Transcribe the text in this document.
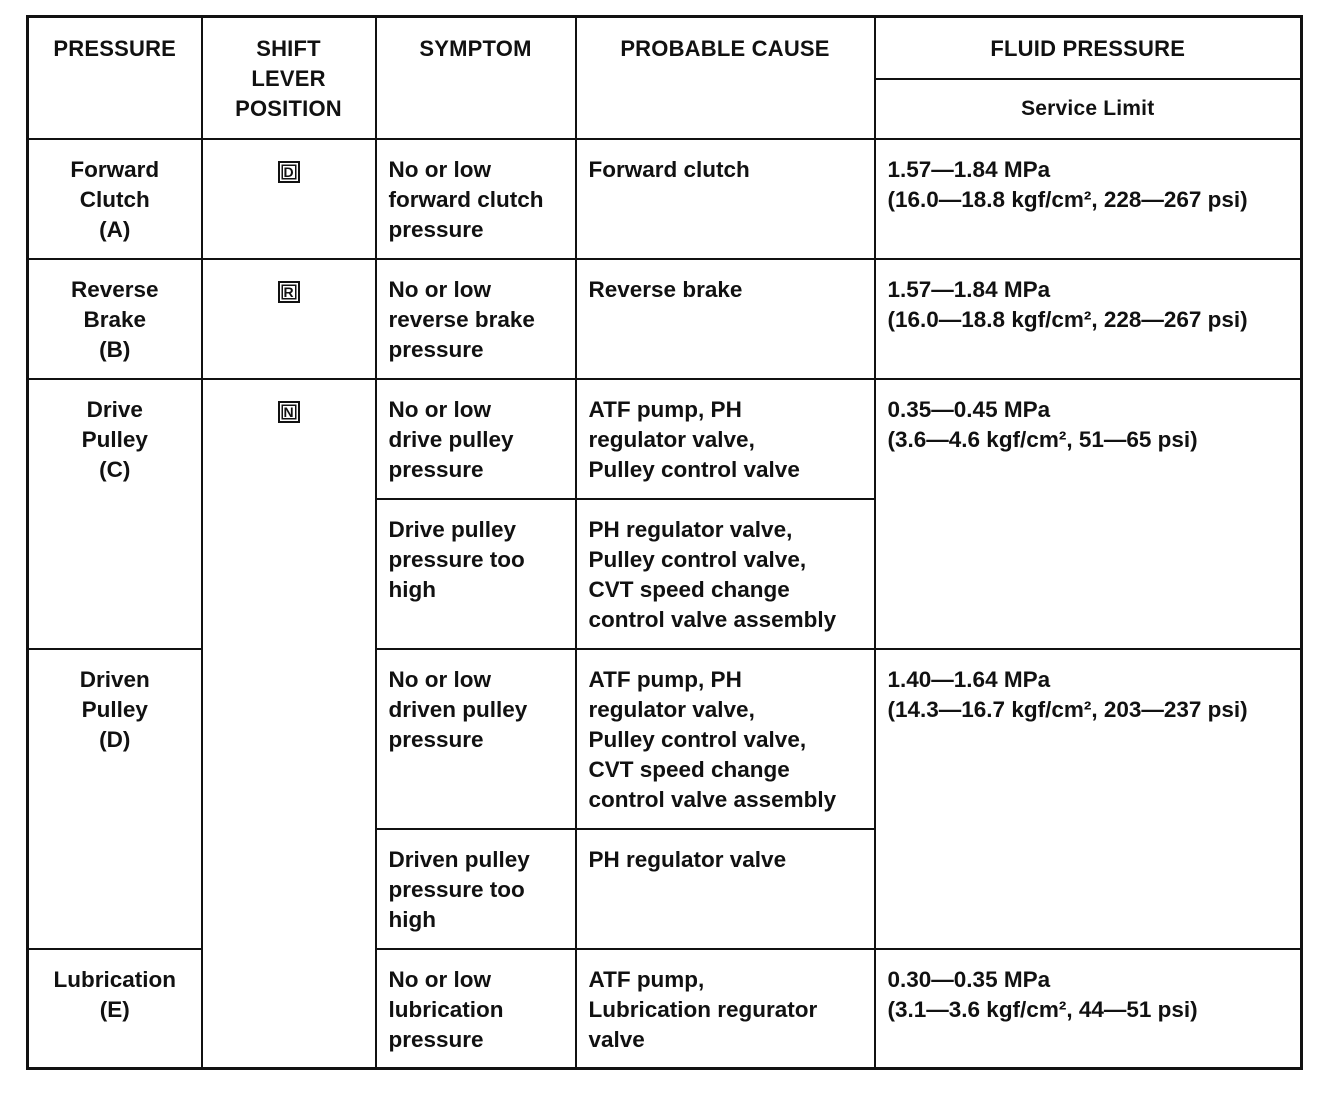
PRESSURE	SHIFT
LEVER
POSITION	SYMPTOM	PROBABLE CAUSE	FLUID PRESSURE

				Service Limit

Forward
Clutch
(A)	D	No or low
forward clutch
pressure	Forward clutch	1.57—1.84 MPa
(16.0—18.8 kgf/cm², 228—267 psi)

Reverse
Brake
(B)	R	No or low
reverse brake
pressure	Reverse brake	1.57—1.84 MPa
(16.0—18.8 kgf/cm², 228—267 psi)

Drive
Pulley
(C)	N	No or low
drive pulley
pressure	ATF pump, PH
regulator valve,
Pulley control valve	0.35—0.45 MPa
(3.6—4.6 kgf/cm², 51—65 psi)

		Drive pulley
pressure too
high	PH regulator valve,
Pulley control valve,
CVT speed change
control valve assembly	

Driven
Pulley
(D)		No or low
driven pulley
pressure	ATF pump, PH
regulator valve,
Pulley control valve,
CVT speed change
control valve assembly	1.40—1.64 MPa
(14.3—16.7 kgf/cm², 203—237 psi)

		Driven pulley
pressure too
high	PH regulator valve	

Lubrication
(E)		No or low
lubrication
pressure	ATF pump,
Lubrication regurator
valve	0.30—0.35 MPa
(3.1—3.6 kgf/cm², 44—51 psi)
